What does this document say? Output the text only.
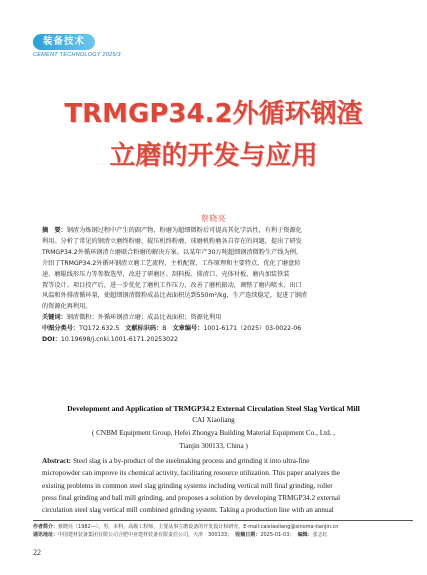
装备技术
CEMENT TECHNOLOGY 2025/3
TRMGP34.2外循环钢渣
立磨的开发与应用
蔡晓亮
摘　要：钢渣为炼钢过程中产生的副产物，粉磨为超细微粉后可提高其化学活性，有利于资源化
利用。分析了常见的钢渣立磨终粉磨、辊压机终粉磨、球磨机粉磨各自存在的问题，提出了研发
TRMGP34.2外循环钢渣立磨联合粉磨的解决方案。以某年产30万吨超细钢渣微粉生产线为例，
介绍了TRMGP34.2外循环钢渣立磨工艺流程、主机配置、工作原理和主要特点，优化了磨盘转
速、磨辊线形压力等参数选型，改进了研磨区、刮料板、排渣口、壳体衬板、磨内加装铁装
置等设计。项目投产后，进一步优化了磨机工作压力，改善了磨机振动，调整了磨内喷水、出口
风温和外排渣循环量，使超细钢渣微粉成品比表面积达到550m²/kg，生产连续稳定，促进了钢渣
的资源化再利用。
关键词：钢渣微粉；外循环钢渣立磨；成品比表面积；资源化利用
中图分类号：TQ172.632.5 文献标识码：B 文章编号：1001-6171（2025）03-0022-06
DOI：10.19698/j.cnki.1001-6171.20253022
Development and Application of TRMGP34.2 External Circulation Steel Slag Vertical Mill
CAI Xiaoliang
( CNBM Equipment Group, Hefei Zhongya Building Material Equipment Co., Ltd. ,
Tianjin 300133, China )
Abstract: Steel slag is a by-product of the steelmaking process and grinding it into ultra-fine
micropowder can improve its chemical activity, facilitating resource utilization. This paper analyzes the
existing problems in common steel slag grinding systems including vertical mill final grinding, roller
press final grinding and ball mill grinding, and proposes a solution by developing TRMGP34.2 external
circulation steel slag vertical mill combined grinding system. Taking a production line with an annual
作者简介：蔡晓亮（1982—），男，本科，高级工程师，主要从事立磨设备的开发设计和研究。E-mail:caixiaoliang@sinoma-tianjin.cn
通讯地址：中国建材装备集团有限公司合肥中亚建材装备有限责任公司，天津　300133； 收稿日期：2025-01-03； 编辑：张志红
22
